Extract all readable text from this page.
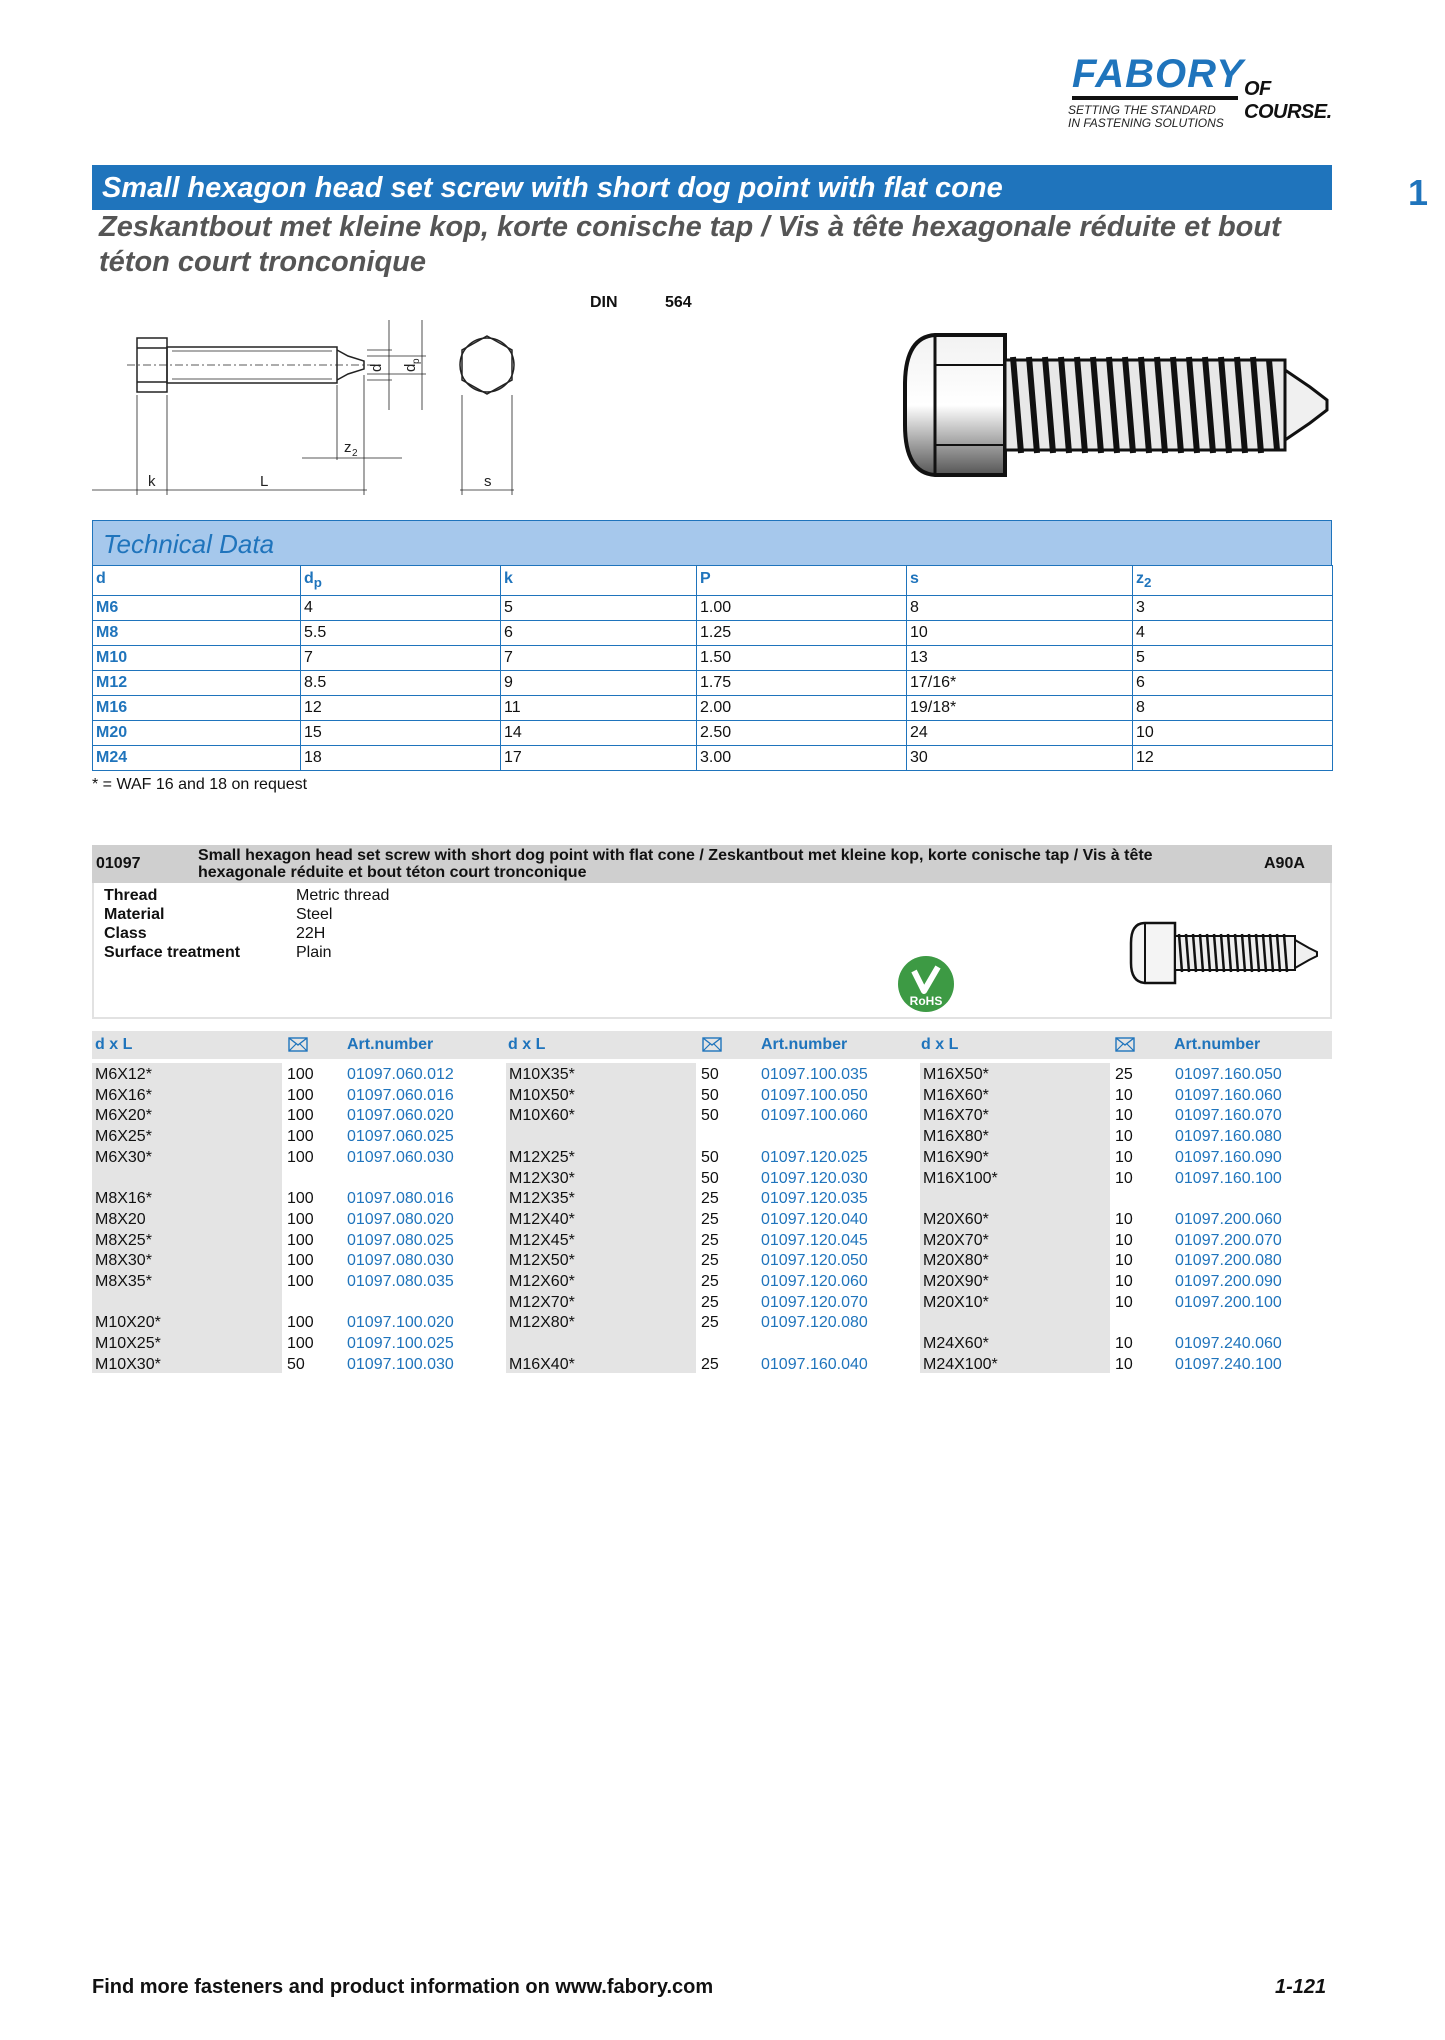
FABORY OF COURSE.
SETTING THE STANDARD
IN FASTENING SOLUTIONS
1
Small hexagon head set screw with short dog point with flat cone
Zeskantbout met kleine kop, korte conische tap / Vis à tête hexagonale réduite et bout téton court tronconique
DIN	564
k	L
z 2
s
d d
p
Technical Data
d	$d_p$	k	P	s	$z_2$
M6	4	5	1.00	8	3
M8	5.5	6	1.25	10	4
M10	7	7	1.50	13	5
M12	8.5	9	1.75	17/16*	6
M16	12	11	2.00	19/18*	8
M20	15	14	2.50	24	10
M24	18	17	3.00	30	12
* = WAF 16 and 18 on request
01097	Small hexagon head set screw with short dog point with flat cone / Zeskantbout met kleine kop, korte conische tap / Vis à tête hexagonale réduite et bout téton court tronconique
A90A
Thread	Metric thread
Material	Steel
Class	22H
Surface treatment	Plain
RoHS
d x L	Art.number	d x L	Art.number	d x L	Art.number
M6X12*	100 01097.060.012
M6X16*	100 01097.060.016
M6X20*	100 01097.060.020
M6X25*	100 01097.060.025
M6X30*	100 01097.060.030
M8X16*	100 01097.080.016
M8X20	100 01097.080.020
M8X25*	100 01097.080.025
M8X30*	100 01097.080.030
M8X35*	100 01097.080.035
M10X20*	100 01097.100.020
M10X25*	100 01097.100.025
M10X30*	50	01097.100.030
M10X35*	50	01097.100.035
M10X50*	50	01097.100.050
M10X60*	50	01097.100.060
M12X25*	50	01097.120.025
M12X30*	50	01097.120.030
M12X35*	25	01097.120.035
M12X40*	25	01097.120.040
M12X45*	25	01097.120.045
M12X50*	25	01097.120.050
M12X60*	25	01097.120.060
M12X70*	25	01097.120.070
M12X80*	25	01097.120.080
M16X40*	25	01097.160.040
M16X50*	25	01097.160.050
M16X60*	10	01097.160.060
M16X70*	10	01097.160.070
M16X80*	10	01097.160.080
M16X90*	10	01097.160.090
M16X100*	10	01097.160.100
M20X60*	10	01097.200.060
M20X70*	10	01097.200.070
M20X80*	10	01097.200.080
M20X90*	10	01097.200.090
M20X10*	10	01097.200.100
M24X60*	10	01097.240.060
M24X100*	10	01097.240.100
Find more fasteners and product information on www.fabory.com	1-121
